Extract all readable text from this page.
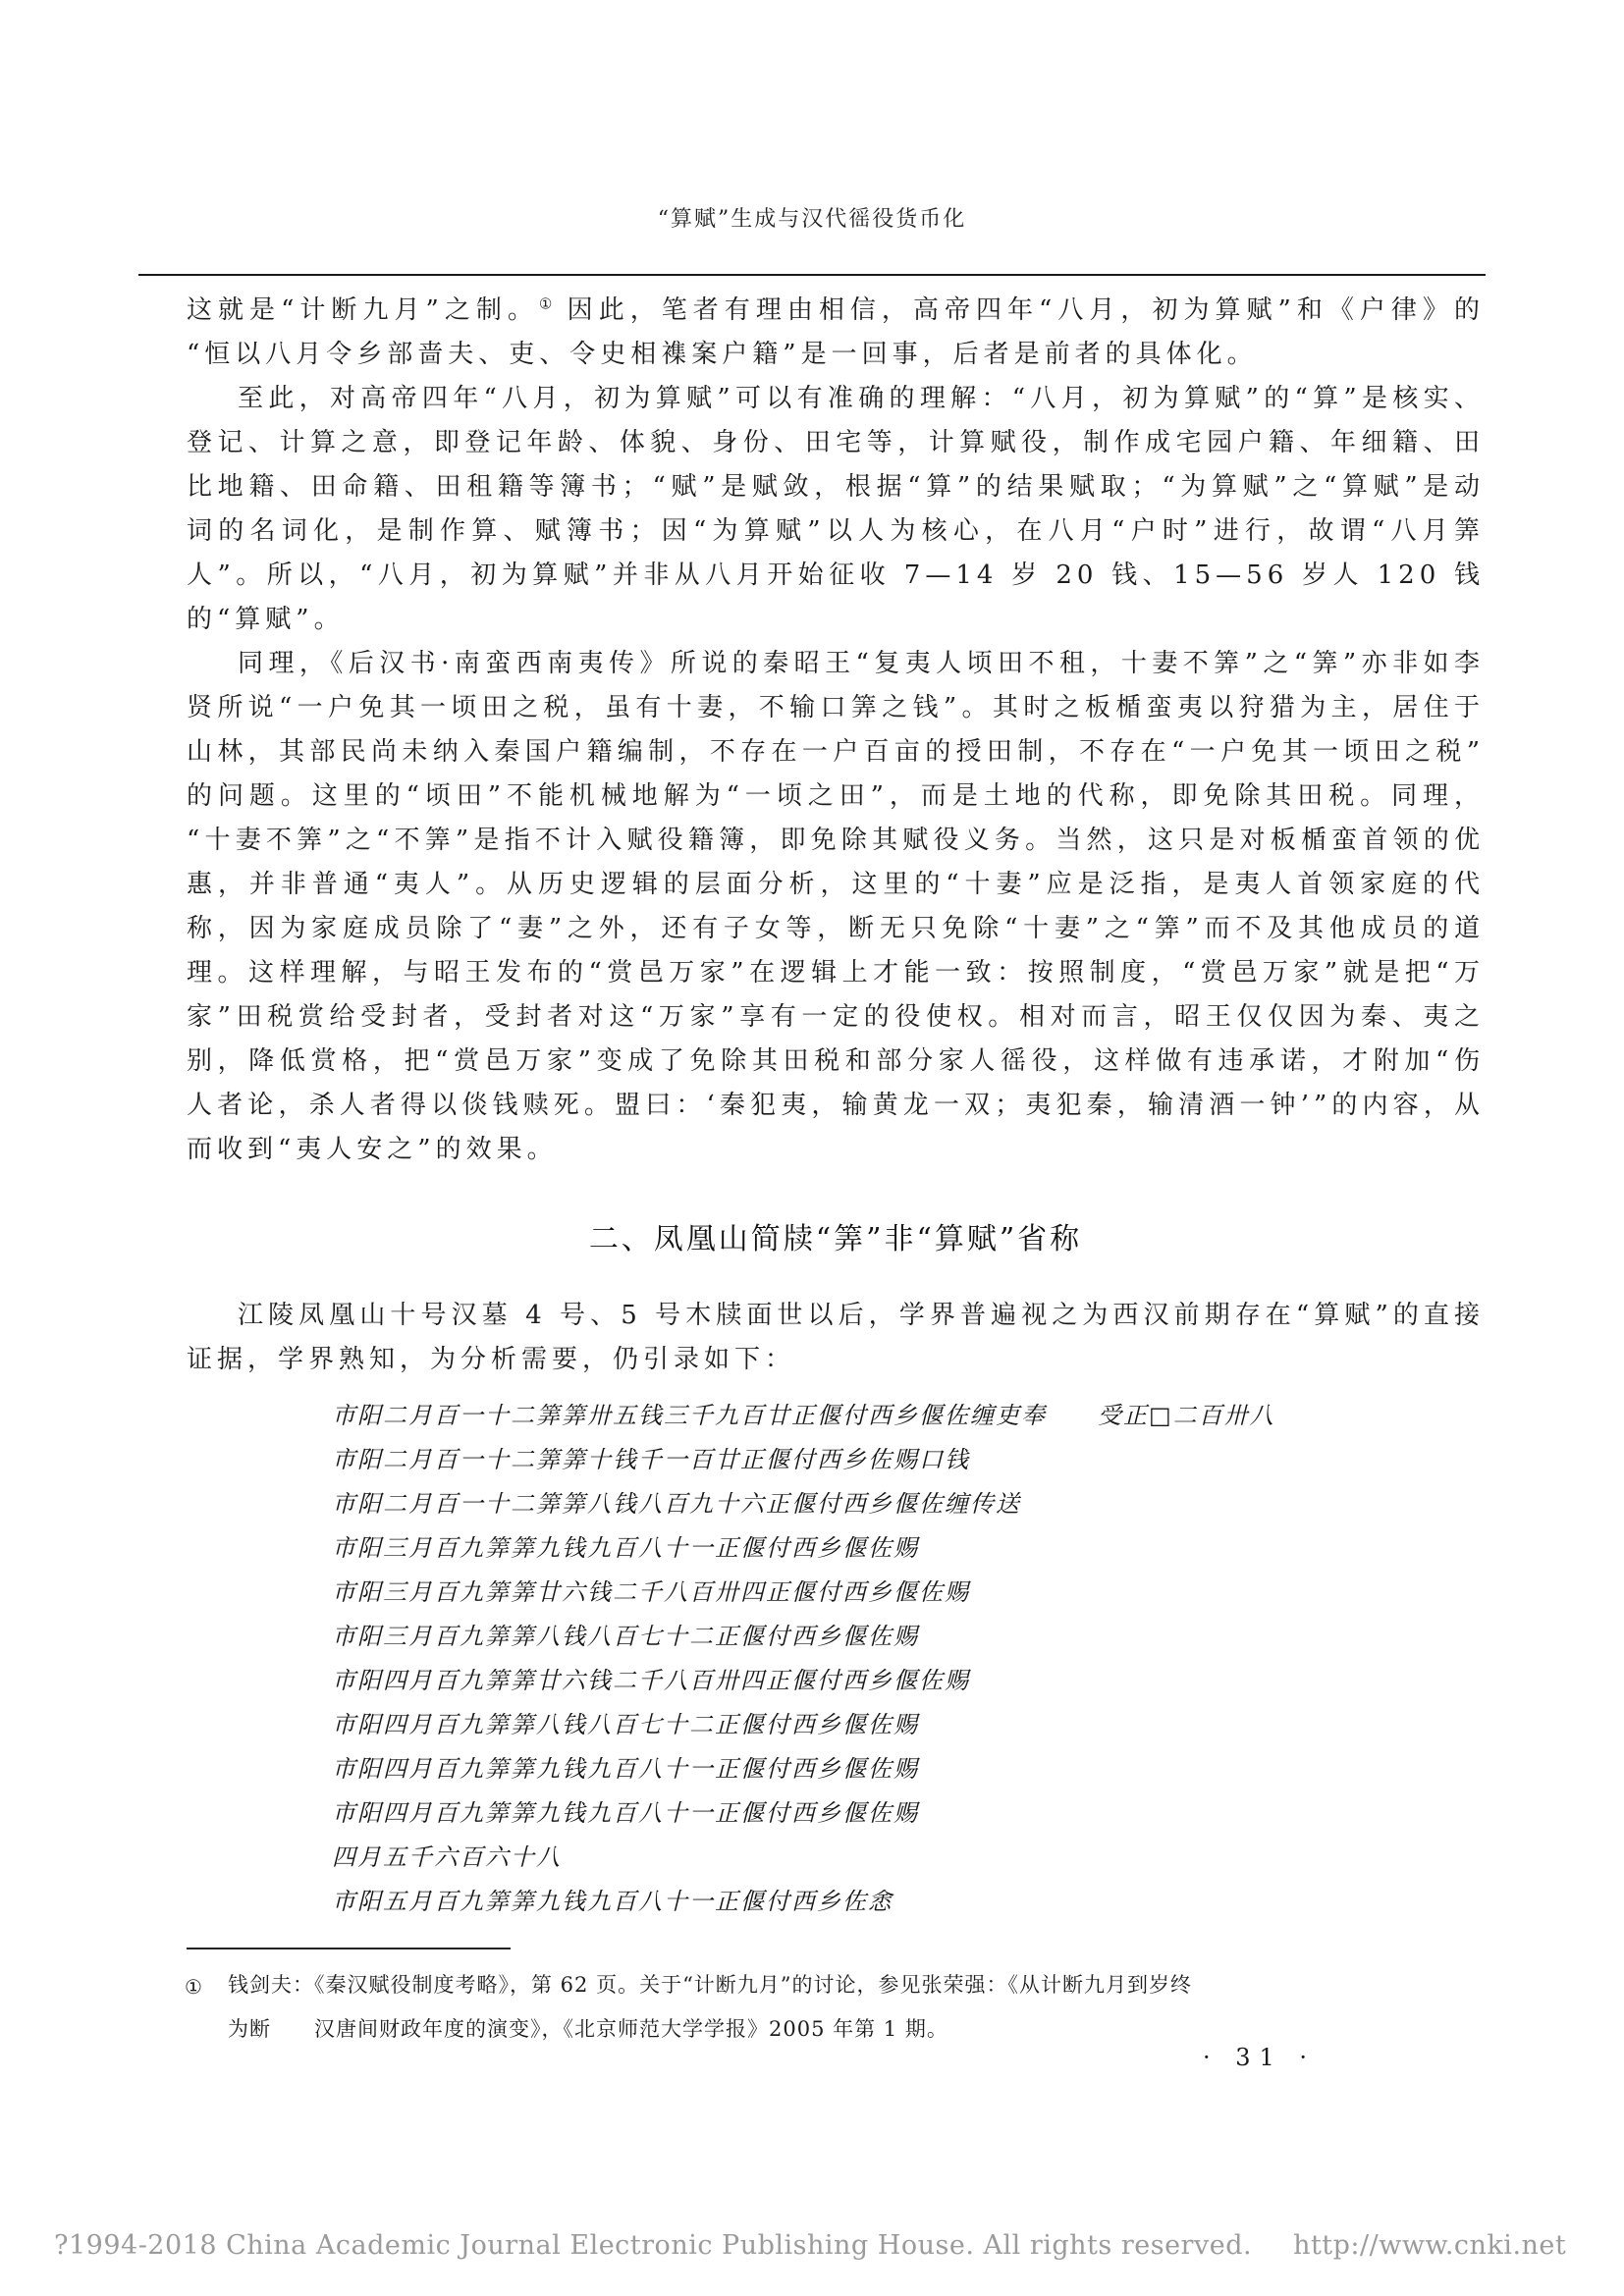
“算赋”生成与汉代徭役货币化

这就是“计断九月”之制。① 因此，笔者有理由相信，高帝四年“八月，初为算赋”和《户律》的“恒以八月令乡部啬夫、吏、令史相襍案户籍”是一回事，后者是前者的具体化。

至此，对高帝四年“八月，初为算赋”可以有准确的理解：“八月，初为算赋”的“算”是核实、登记、计算之意，即登记年龄、体貌、身份、田宅等，计算赋役，制作成宅园户籍、年细籍、田比地籍、田命籍、田租籍等簿书；“赋”是赋敛，根据“算”的结果赋取；“为算赋”之“算赋”是动词的名词化，是制作算、赋簿书；因“为算赋”以人为核心，在八月“户时”进行，故谓“八月筭人”。所以，“八月，初为算赋”并非从八月开始征收 7—14 岁 20 钱、15—56 岁人 120 钱的“算赋”。

同理，《后汉书·南蛮西南夷传》所说的秦昭王“复夷人顷田不租，十妻不筭”之“筭”亦非如李贤所说“一户免其一顷田之税，虽有十妻，不输口筭之钱”。其时之板楯蛮夷以狩猎为主，居住于山林，其部民尚未纳入秦国户籍编制，不存在一户百亩的授田制，不存在“一户免其一顷田之税”的问题。这里的“顷田”不能机械地解为“一顷之田”，而是土地的代称，即免除其田税。同理，“十妻不筭”之“不筭”是指不计入赋役籍簿，即免除其赋役义务。当然，这只是对板楯蛮首领的优惠，并非普通“夷人”。从历史逻辑的层面分析，这里的“十妻”应是泛指，是夷人首领家庭的代称，因为家庭成员除了“妻”之外，还有子女等，断无只免除“十妻”之“筭”而不及其他成员的道理。这样理解，与昭王发布的“赏邑万家”在逻辑上才能一致：按照制度，“赏邑万家”就是把“万家”田税赏给受封者，受封者对这“万家”享有一定的役使权。相对而言，昭王仅仅因为秦、夷之别，降低赏格，把“赏邑万家”变成了免除其田税和部分家人徭役，这样做有违承诺，才附加“伤人者论，杀人者得以倓钱赎死。盟曰：‘秦犯夷，输黄龙一双；夷犯秦，输清酒一钟’”的内容，从而收到“夷人安之”的效果。

二、凤凰山简牍“筭”非“算赋”省称

江陵凤凰山十号汉墓 4 号、5 号木牍面世以后，学界普遍视之为西汉前期存在“算赋”的直接证据，学界熟知，为分析需要，仍引录如下：

市阳二月百一十二筭筭卅五钱三千九百廿正偃付西乡偃佐缠吏奉　　受正□二百卅八
市阳二月百一十二筭筭十钱千一百廿正偃付西乡佐赐口钱
市阳二月百一十二筭筭八钱八百九十六正偃付西乡偃佐缠传送
市阳三月百九筭筭九钱九百八十一正偃付西乡偃佐赐
市阳三月百九筭筭廿六钱二千八百卅四正偃付西乡偃佐赐
市阳三月百九筭筭八钱八百七十二正偃付西乡偃佐赐
市阳四月百九筭筭廿六钱二千八百卅四正偃付西乡偃佐赐
市阳四月百九筭筭八钱八百七十二正偃付西乡偃佐赐
市阳四月百九筭筭九钱九百八十一正偃付西乡偃佐赐
市阳四月百九筭筭九钱九百八十一正偃付西乡偃佐赐
四月五千六百六十八
市阳五月百九筭筭九钱九百八十一正偃付西乡佐悆
① 钱剑夫：《秦汉赋役制度考略》，第 62 页。关于“计断九月”的讨论，参见张荣强：《从计断九月到岁终
为断　　汉唐间财政年度的演变》，《北京师范大学学报》2005 年第 1 期。
· 31 ·
?1994-2018 China Academic Journal Electronic Publishing House. All rights reserved. http://www.cnki.net
